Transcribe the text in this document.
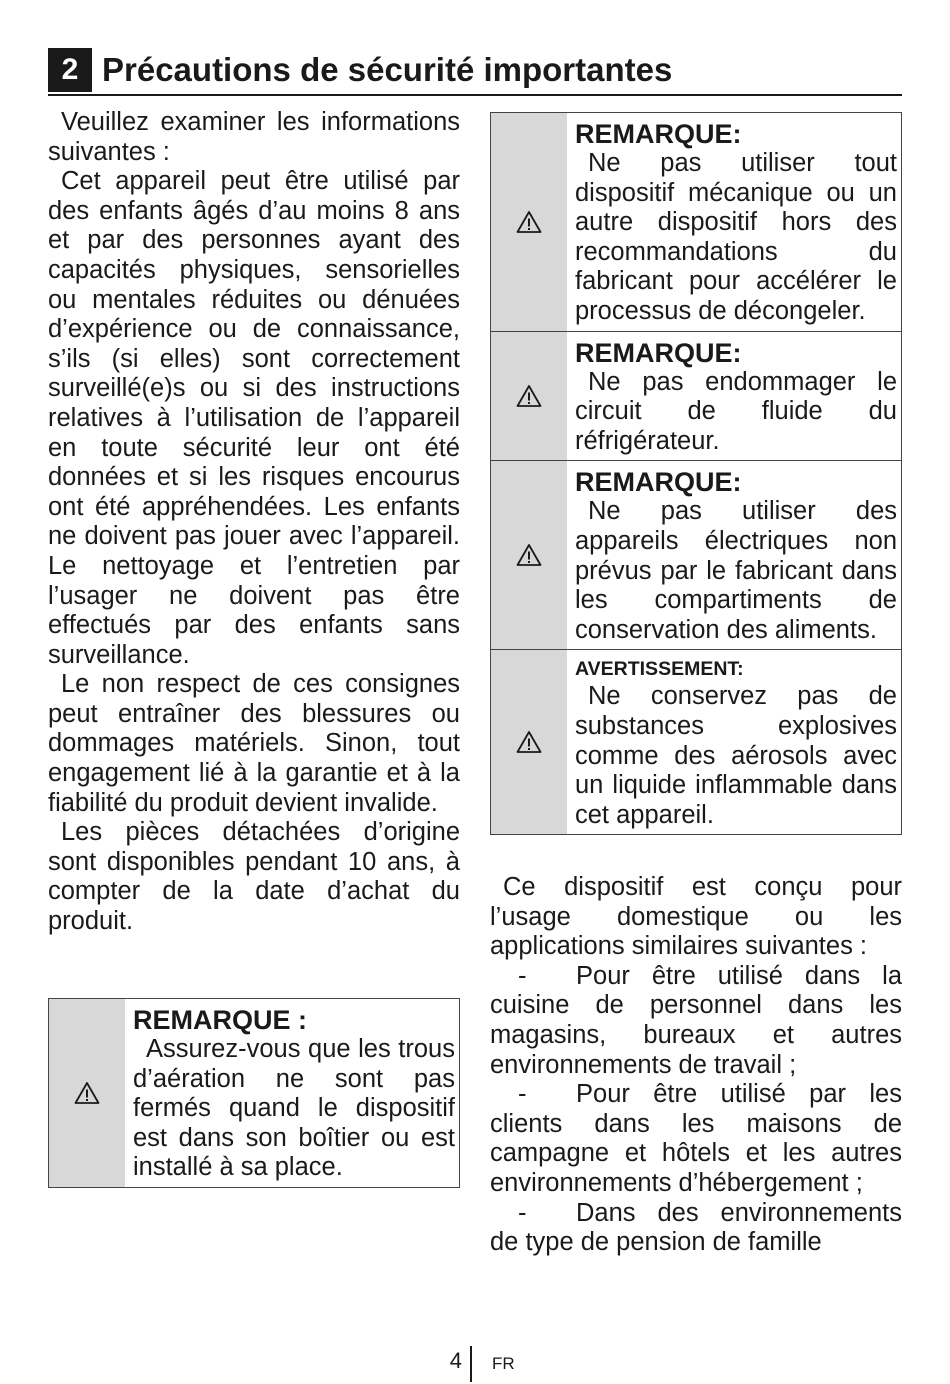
2 Précautions de sécurité importantes

Veuillez examiner les informations suivantes :

Cet appareil peut être utilisé par des enfants âgés d’au moins 8 ans et par des personnes ayant des capacités physiques, sensorielles ou mentales réduites ou dénuées d’expérience ou de connaissance, s’ils (si elles) sont correctement surveillé(e)s ou si des instructions relatives à l’utilisation de l’appareil en toute sécurité leur ont été données et si les risques encourus ont été appréhendées. Les enfants ne doivent pas jouer avec l’appareil. Le nettoyage et l’entretien par l’usager ne doivent pas être effectués par des enfants sans surveillance.

Le non respect de ces consignes peut entraîner des blessures ou dommages matériels. Sinon, tout engagement lié à la garantie et à la fiabilité du produit devient invalide.

Les pièces détachées d’origine sont disponibles pendant 10 ans, à compter de la date d’achat du produit.

REMARQUE :
Assurez-vous que les trous d’aération ne sont pas fermés quand le dispositif est dans son boîtier ou est installé à sa place.
REMARQUE:
Ne pas utiliser tout dispositif mécanique ou un autre dispositif hors des recommandations du fabricant pour accélérer le processus de décongeler.
REMARQUE:
Ne pas endommager le circuit de fluide du réfrigérateur.
REMARQUE:
Ne pas utiliser des appareils électriques non prévus par le fabricant dans les compartiments de conservation des aliments.
AVERTISSEMENT:
Ne conservez pas de substances explosives comme des aérosols avec un liquide inflammable dans cet appareil.

Ce dispositif est conçu pour l’usage domestique ou les applications similaires suivantes :

- Pour être utilisé dans la cuisine de personnel dans les magasins, bureaux et autres environnements de travail ;

- Pour être utilisé par les clients dans les maisons de campagne et hôtels et les autres environnements d’hébergement ;

- Dans des environnements de type de pension de famille

4 FR
